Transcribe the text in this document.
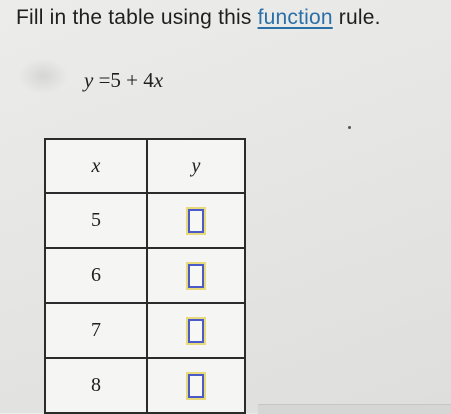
Fill in the table using this function rule.
y =5 + 4x
x	y
5	
6	
7	
8	
